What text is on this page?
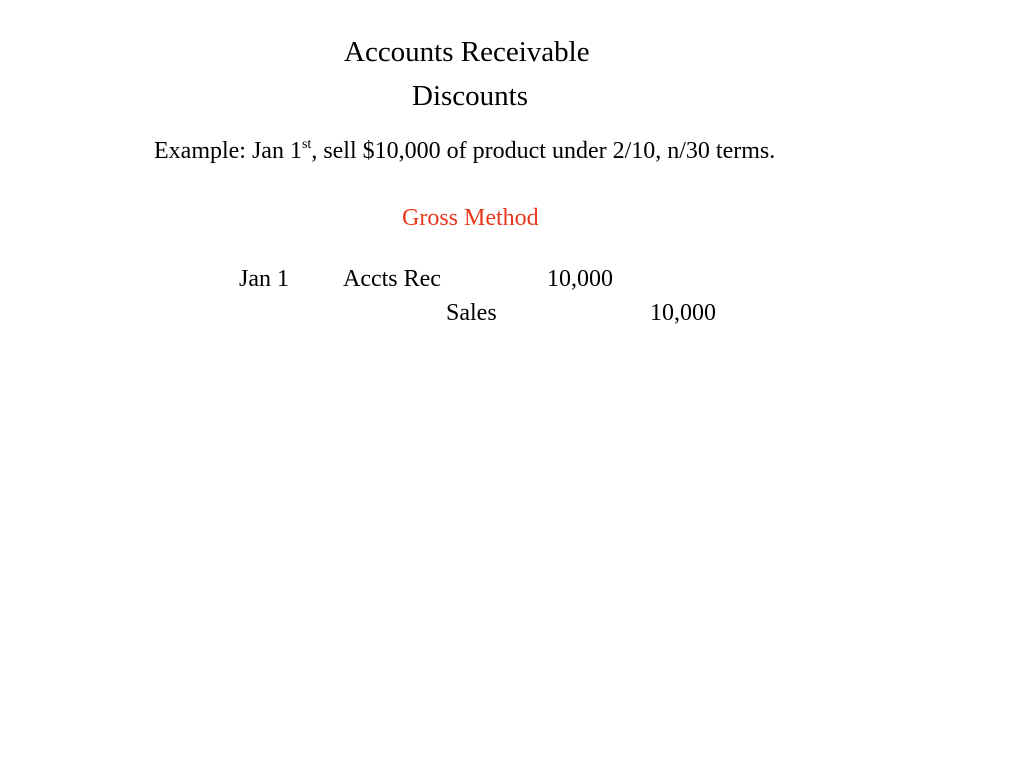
Accounts Receivable
Discounts
Example: Jan 1st, sell $10,000 of product under 2/10, n/30 terms.
Gross Method
Jan 1 Accts Rec	10,000
Sales	10,000
